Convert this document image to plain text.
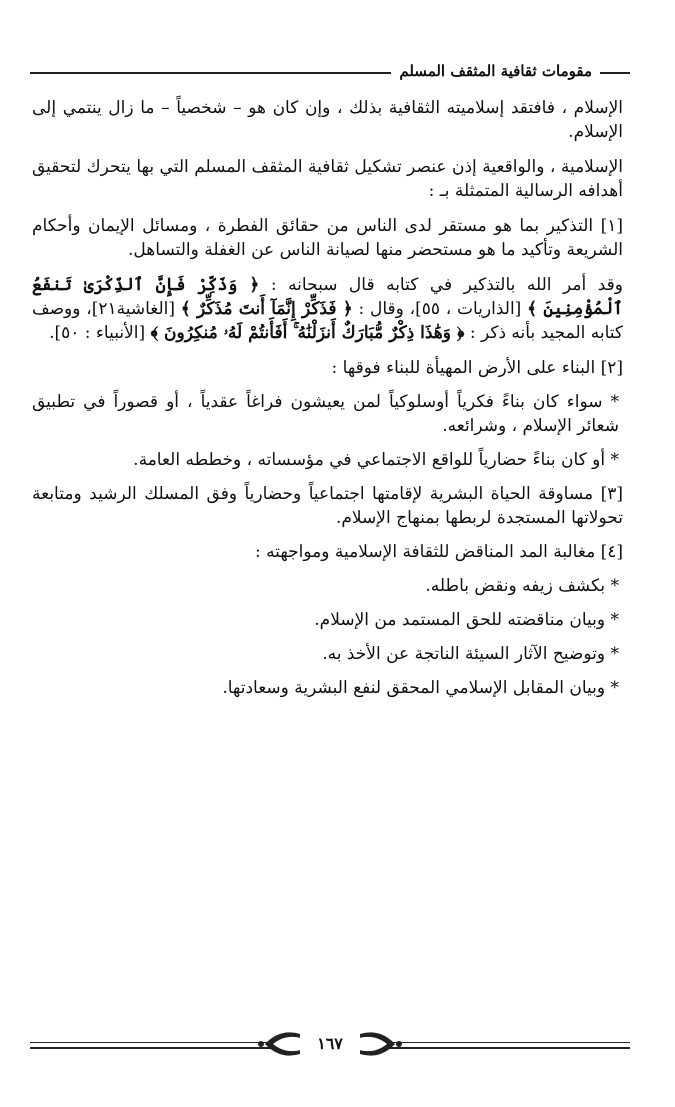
مقومات ثقافية المثقف المسلم

الإسلام ، فافتقد إسلاميته الثقافية بذلك ، وإن كان هو – شخصياً – ما زال ينتمي إلى الإسلام.

الإسلامية ، والواقعية إذن عنصر تشكيل ثقافية المثقف المسلم التي بها يتحرك لتحقيق أهدافه الرسالية المتمثلة بـ :

[١] التذكير بما هو مستقر لدى الناس من حقائق الفطرة ، ومسائل الإيمان وأحكام الشريعة وتأكيد ما هو مستحضر منها لصيانة الناس عن الغفلة والتساهل.

وقد أمر الله بالتذكير في كتابه قال سبحانه : ﴿ وَذَكِّرْ فَإِنَّ ٱلذِّكْرَىٰ تَنفَعُ ٱلْمُؤْمِنِينَ ﴾ [الذاريات ، ٥٥]، وقال : ﴿ فَذَكِّرْ إِنَّمَآ أَنتَ مُذَكِّرٌ ﴾ [الغاشية٢١]، ووصف كتابه المجيد بأنه ذكر : ﴿ وَهَٰذَا ذِكْرٌ مُّبَارَكٌ أَنزَلْنَٰهُ ۚ أَفَأَنتُمْ لَهُۥ مُنكِرُونَ ﴾ [الأنبياء : ٥٠].

[٢] البناء على الأرض المهيأة للبناء فوقها :

* سواء كان بناءً فكرياً أوسلوكياً لمن يعيشون فراغاً عقدياً ، أو قصوراً في تطبيق شعائر الإسلام ، وشرائعه.

* أو كان بناءً حضارياً للواقع الاجتماعي في مؤسساته ، وخططه العامة.

[٣] مساوقة الحياة البشرية لإقامتها اجتماعياً وحضارياً وفق المسلك الرشيد ومتابعة تحولاتها المستجدة لربطها بمنهاج الإسلام.

[٤] مغالبة المد المناقض للثقافة الإسلامية ومواجهته :

* بكشف زيفه ونقض باطله.

* وبيان مناقضته للحق المستمد من الإسلام.

* وتوضيح الآثار السيئة الناتجة عن الأخذ به.

* وبيان المقابل الإسلامي المحقق لنفع البشرية وسعادتها.

١٦٧
